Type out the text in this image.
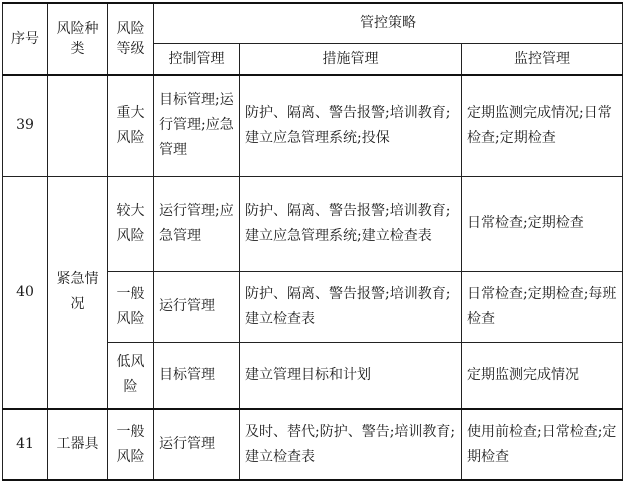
序号	风险种类	风险等级	管控策略		
			控制管理	措施管理	监控管理
39		重大风险	目标管理;运行管理;应急管理	防护、隔离、警告报警;培训教育;建立应急管理系统;投保	定期监测完成情况;日常检查;定期检查
40	紧急情况	较大风险	运行管理;应急管理	防护、隔离、警告报警;培训教育;建立应急管理系统;建立检查表	日常检查;定期检查
		一般风险	运行管理	防护、隔离、警告报警;培训教育;建立检查表	日常检查;定期检查;每班检查
		低风险	目标管理	建立管理目标和计划	定期监测完成情况
41	工器具	一般风险	运行管理	及时、替代;防护、警告;培训教育;建立检查表	使用前检查;日常检查;定期检查
